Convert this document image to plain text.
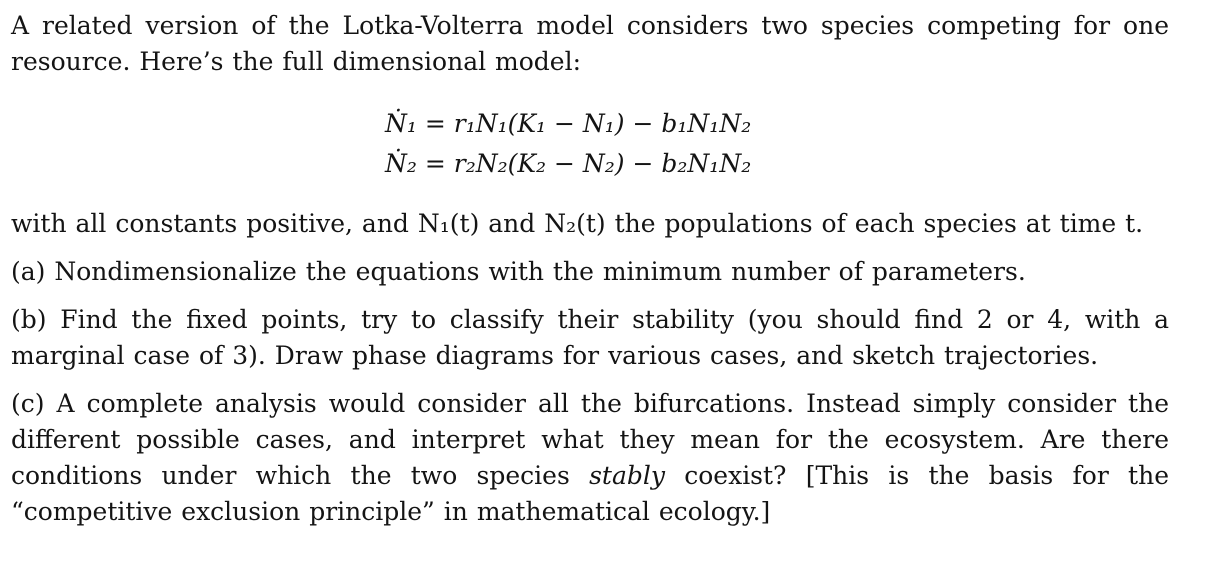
A related version of the Lotka-Volterra model considers two species competing for one resource. Here’s the full dimensional model:

Ṅ₁ = r₁N₁(K₁ − N₁) − b₁N₁N₂
Ṅ₂ = r₂N₂(K₂ − N₂) − b₂N₁N₂

with all constants positive, and N₁(t) and N₂(t) the populations of each species at time t.

(a) Nondimensionalize the equations with the minimum number of parameters.

(b) Find the fixed points, try to classify their stability (you should find 2 or 4, with a marginal case of 3). Draw phase diagrams for various cases, and sketch trajectories.

(c) A complete analysis would consider all the bifurcations. Instead simply consider the different possible cases, and interpret what they mean for the ecosystem. Are there conditions under which the two species stably coexist? [This is the basis for the “competitive exclusion principle” in mathematical ecology.]
